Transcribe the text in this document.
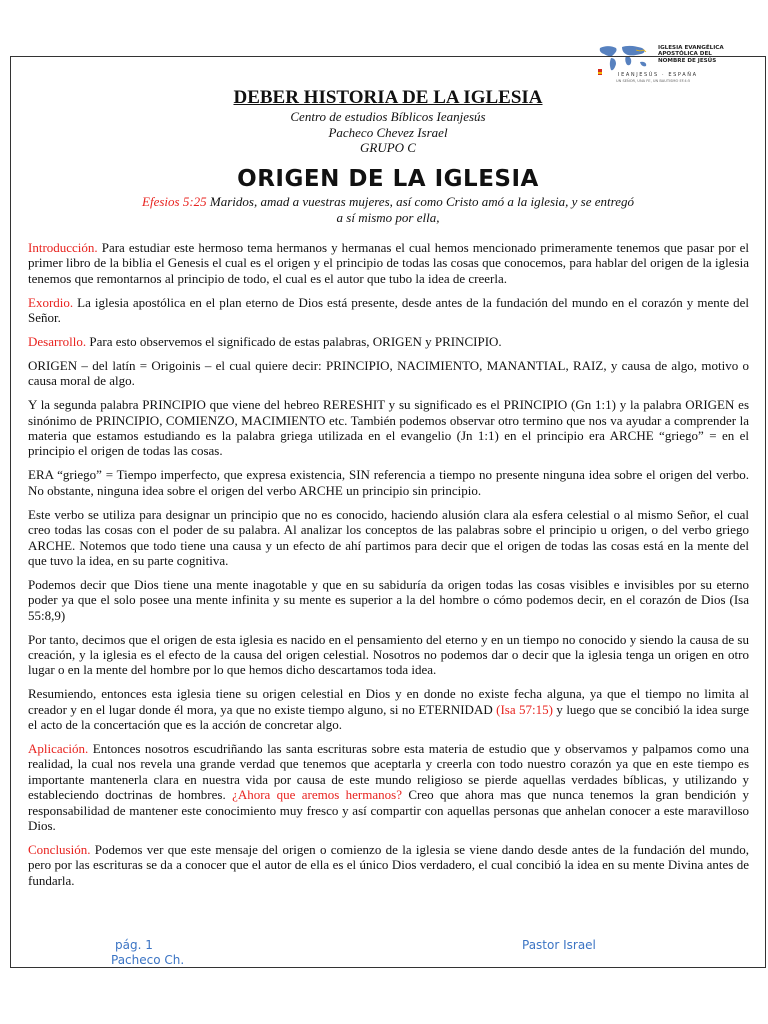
IGLESIA EVANGÉLICA
APOSTÓLICA DEL
NOMBRE DE JESÚS
IEANJESÚS · ESPAÑA
UN SEÑOR, UNA FE, UN BAUTISMO EF.4:5
DEBER HISTORIA DE LA IGLESIA
Centro de estudios Bíblicos Ieanjesús
Pacheco Chevez Israel
GRUPO C
ORIGEN DE LA IGLESIA
Efesios 5:25 Maridos, amad a vuestras mujeres, así como Cristo amó a la iglesia, y se entregó
a sí mismo por ella,

Introducción. Para estudiar este hermoso tema hermanos y hermanas el cual hemos mencionado primeramente tenemos que pasar por el primer libro de la biblia el Genesis el cual es el origen y el principio de todas las cosas que conocemos, para hablar del origen de la iglesia tenemos que remontarnos al principio de todo, el cual es el autor que tubo la idea de creerla.

Exordio. La iglesia apostólica en el plan eterno de Dios está presente, desde antes de la fundación del mundo en el corazón y mente del Señor.

Desarrollo. Para esto observemos el significado de estas palabras, ORIGEN y PRINCIPIO.

ORIGEN – del latín = Origoinis – el cual quiere decir: PRINCIPIO, NACIMIENTO, MANANTIAL, RAIZ, y causa de algo, motivo o causa moral de algo.

Y la segunda palabra PRINCIPIO que viene del hebreo RERESHIT y su significado es el PRINCIPIO (Gn 1:1) y la palabra ORIGEN es sinónimo de PRINCIPIO, COMIENZO, MACIMIENTO etc. También podemos observar otro termino que nos va ayudar a comprender la materia que estamos estudiando es la palabra griega utilizada en el evangelio (Jn 1:1) en el principio era ARCHE “griego” = en el principio el origen de todas las cosas.

ERA “griego” = Tiempo imperfecto, que expresa existencia, SIN referencia a tiempo no presente ninguna idea sobre el origen del verbo. No obstante, ninguna idea sobre el origen del verbo ARCHE un principio sin principio.

Este verbo se utiliza para designar un principio que no es conocido, haciendo alusión clara ala esfera celestial o al mismo Señor, el cual creo todas las cosas con el poder de su palabra. Al analizar los conceptos de las palabras sobre el principio u origen, o del verbo griego ARCHE. Notemos que todo tiene una causa y un efecto de ahí partimos para decir que el origen de todas las cosas está en la mente del que tuvo la idea, en su parte cognitiva.

Podemos decir que Dios tiene una mente inagotable y que en su sabiduría da origen todas las cosas visibles e invisibles por su eterno poder ya que el solo posee una mente infinita y su mente es superior a la del hombre o cómo podemos decir, en el corazón de Dios (Isa 55:8,9)

Por tanto, decimos que el origen de esta iglesia es nacido en el pensamiento del eterno y en un tiempo no conocido y siendo la causa de su creación, y la iglesia es el efecto de la causa del origen celestial. Nosotros no podemos dar o decir que la iglesia tenga un origen en otro lugar o en la mente del hombre por lo que hemos dicho descartamos toda idea.

Resumiendo, entonces esta iglesia tiene su origen celestial en Dios y en donde no existe fecha alguna, ya que el tiempo no limita al creador y en el lugar donde él mora, ya que no existe tiempo alguno, si no ETERNIDAD (Isa 57:15) y luego que se concibió la idea surge el acto de la concertación que es la acción de concretar algo.

Aplicación. Entonces nosotros escudriñando las santa escrituras sobre esta materia de estudio que y observamos y palpamos como una realidad, la cual nos revela una grande verdad que tenemos que aceptarla y creerla con todo nuestro corazón ya que en este tiempo es importante mantenerla clara en nuestra vida por causa de este mundo religioso se pierde aquellas verdades bíblicas, y utilizando y estableciendo doctrinas de hombres. ¿Ahora que aremos hermanos? Creo que ahora mas que nunca tenemos la gran bendición y responsabilidad de mantener este conocimiento muy fresco y así compartir con aquellas personas que anhelan conocer a este maravilloso Dios.

Conclusión. Podemos ver que este mensaje del origen o comienzo de la iglesia se viene dando desde antes de la fundación del mundo, pero por las escrituras se da a conocer que el autor de ella es el único Dios verdadero, el cual concibió la idea en su mente Divina antes de fundarla.

pág. 1
Pacheco Ch.
Pastor Israel
